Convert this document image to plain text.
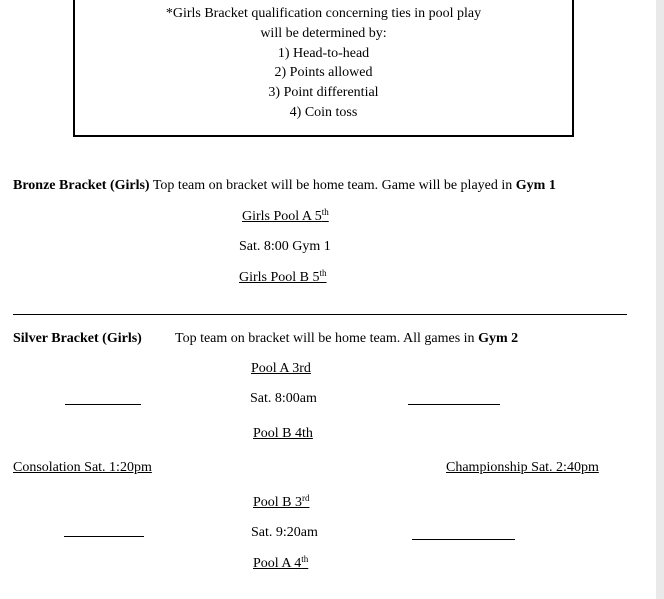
*Girls Bracket qualification concerning ties in pool play
will be determined by:
1) Head-to-head
2) Points allowed
3) Point differential
4) Coin toss
Bronze Bracket (Girls) Top team on bracket will be home team. Game will be played in Gym 1
Girls Pool A 5th
Sat. 8:00 Gym 1
Girls Pool B 5th
Silver Bracket (Girls) Top team on bracket will be home team. All games in Gym 2
Pool A 3rd
Sat. 8:00am
Pool B 4th
Consolation Sat. 1:20pm	Championship Sat. 2:40pm
Pool B 3rd
Sat. 9:20am
Pool A 4th
